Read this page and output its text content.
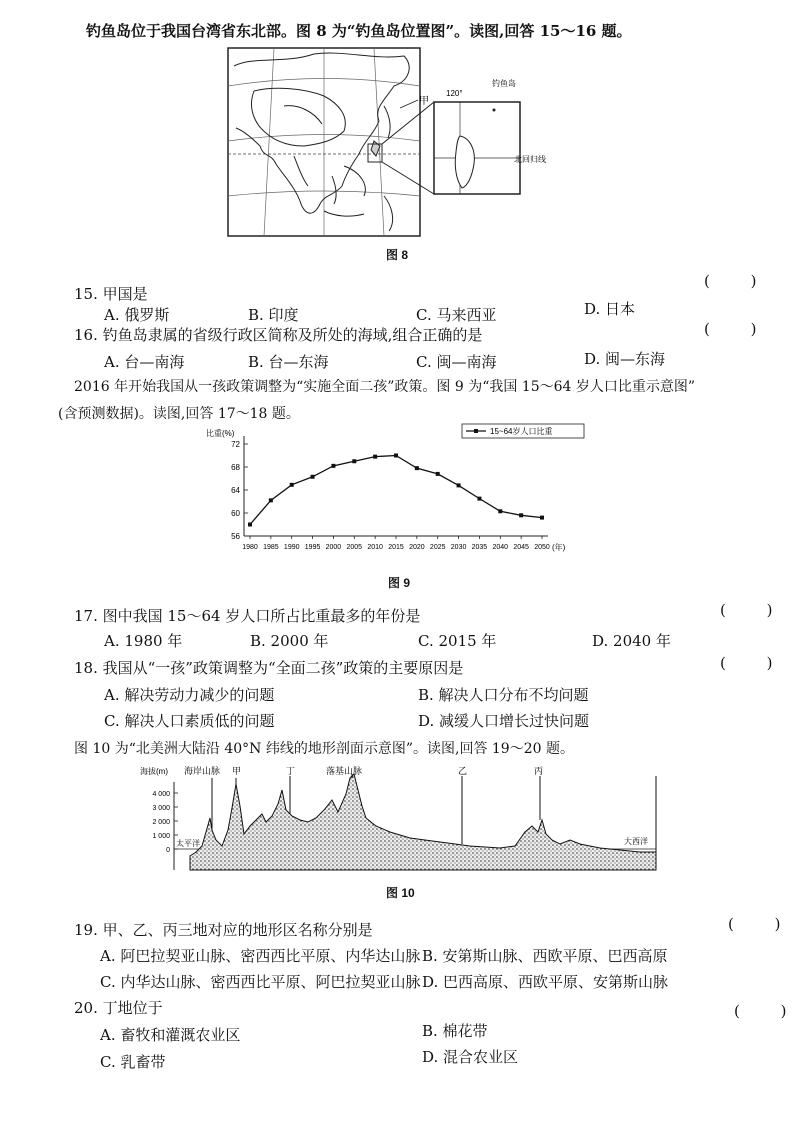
钓鱼岛位于我国台湾省东北部。图 8 为“钓鱼岛位置图”。读图,回答 15～16 题。
甲
120°
钓鱼岛
北回归线
图 8
15. 甲国是
( )
A. 俄罗斯	B. 印度	C. 马来西亚	D. 日本
16. 钓鱼岛隶属的省级行政区简称及所处的海域,组合正确的是	( )
A. 台—南海	B. 台—东海	C. 闽—南海	D. 闽—东海
2016 年开始我国从一孩政策调整为“实施全面二孩”政策。图 9 为“我国 15～64 岁人口比重示意图”
(含预测数据)。读图,回答 17～18 题。
比重(%)
(年)
56
60
64
68
72
1980 1985 1990 1995 2000 2005 2010 2015 2020 2025 2030 2035 2040 2045 2050
15~64岁人口比重
图 9
17. 图中我国 15～64 岁人口所占比重最多的年份是	( )
A. 1980 年	B. 2000 年	C. 2015 年	D. 2040 年
18. 我国从“一孩”政策调整为“全面二孩”政策的主要原因是	( )
A. 解决劳动力减少的问题	B. 解决人口分布不均问题
C. 解决人口素质低的问题	D. 减缓人口增长过快问题
图 10 为“北美洲大陆沿 40°N 纬线的地形剖面示意图”。读图,回答 19～20 题。
海拔(m)
4 000
3 000
2 000
1 000
0
海岸山脉 甲	丁	落基山脉	乙	丙
太平洋	大西洋
图 10
19. 甲、乙、丙三地对应的地形区名称分别是	( )
A. 阿巴拉契亚山脉、密西西比平原、内华达山脉 B. 安第斯山脉、西欧平原、巴西高原
C. 内华达山脉、密西西比平原、阿巴拉契亚山脉 D. 巴西高原、西欧平原、安第斯山脉
20. 丁地位于	( )
A. 畜牧和灌溉农业区	B. 棉花带
C. 乳畜带	D. 混合农业区
